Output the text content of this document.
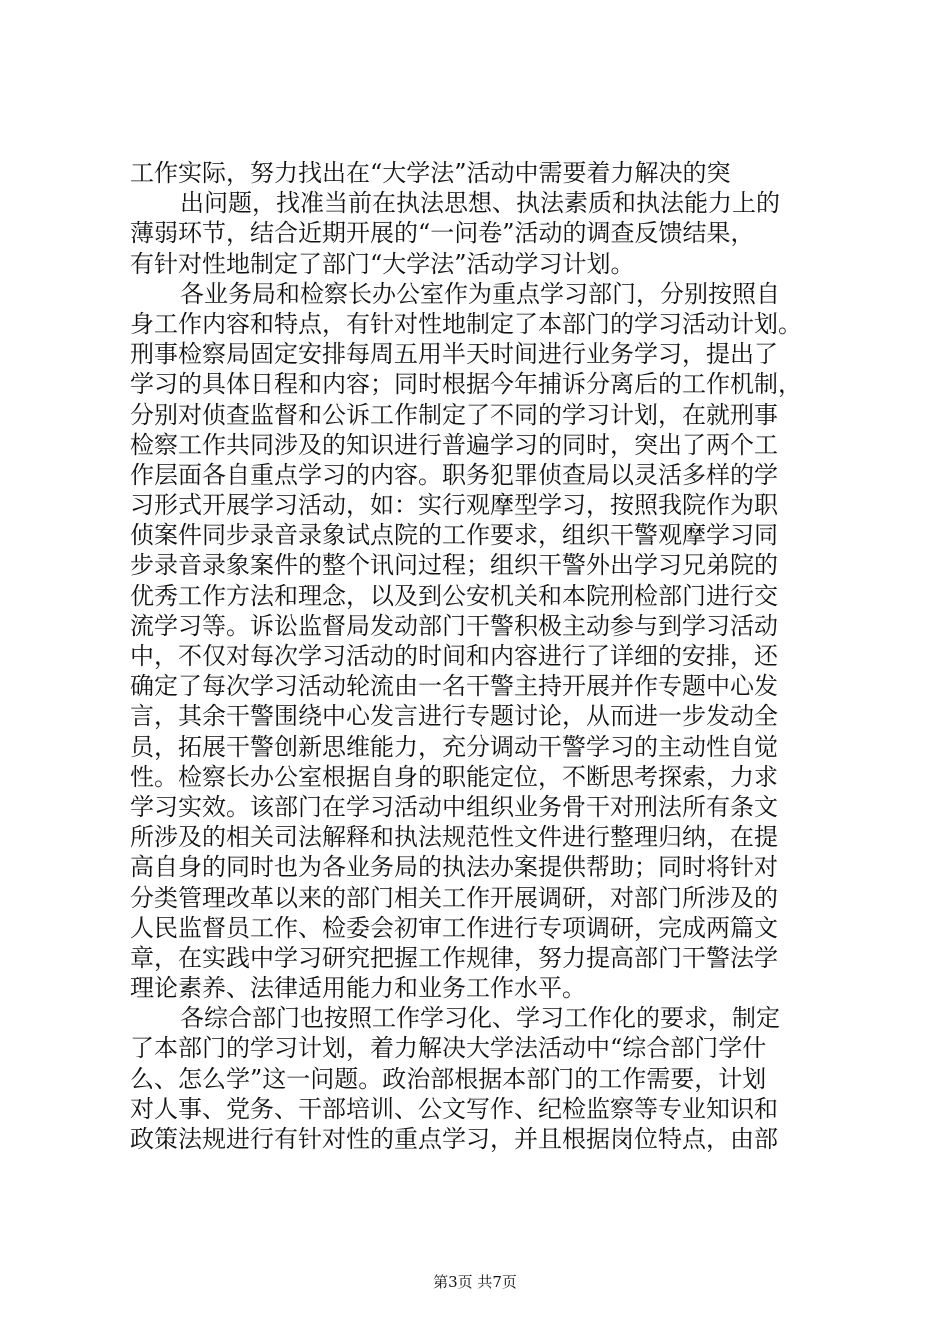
工作实际，努力找出在“大学法”活动中需要着力解决的突
出问题，找准当前在执法思想、执法素质和执法能力上的
薄弱环节，结合近期开展的“一问卷”活动的调查反馈结果，
有针对性地制定了部门“大学法”活动学习计划。
各业务局和检察长办公室作为重点学习部门，分别按照自
身工作内容和特点，有针对性地制定了本部门的学习活动计划。
刑事检察局固定安排每周五用半天时间进行业务学习，提出了
学习的具体日程和内容；同时根据今年捕诉分离后的工作机制，
分别对侦查监督和公诉工作制定了不同的学习计划，在就刑事
检察工作共同涉及的知识进行普遍学习的同时，突出了两个工
作层面各自重点学习的内容。职务犯罪侦查局以灵活多样的学
习形式开展学习活动，如：实行观摩型学习，按照我院作为职
侦案件同步录音录象试点院的工作要求，组织干警观摩学习同
步录音录象案件的整个讯问过程；组织干警外出学习兄弟院的
优秀工作方法和理念，以及到公安机关和本院刑检部门进行交
流学习等。诉讼监督局发动部门干警积极主动参与到学习活动
中，不仅对每次学习活动的时间和内容进行了详细的安排，还
确定了每次学习活动轮流由一名干警主持开展并作专题中心发
言，其余干警围绕中心发言进行专题讨论，从而进一步发动全
员，拓展干警创新思维能力，充分调动干警学习的主动性自觉
性。检察长办公室根据自身的职能定位，不断思考探索，力求
学习实效。该部门在学习活动中组织业务骨干对刑法所有条文
所涉及的相关司法解释和执法规范性文件进行整理归纳，在提
高自身的同时也为各业务局的执法办案提供帮助；同时将针对
分类管理改革以来的部门相关工作开展调研，对部门所涉及的
人民监督员工作、检委会初审工作进行专项调研，完成两篇文
章，在实践中学习研究把握工作规律，努力提高部门干警法学
理论素养、法律适用能力和业务工作水平。
各综合部门也按照工作学习化、学习工作化的要求，制定
了本部门的学习计划，着力解决大学法活动中“综合部门学什
么、怎么学”这一问题。政治部根据本部门的工作需要，计划
对人事、党务、干部培训、公文写作、纪检监察等专业知识和
政策法规进行有针对性的重点学习，并且根据岗位特点，由部
第3页 共7页
